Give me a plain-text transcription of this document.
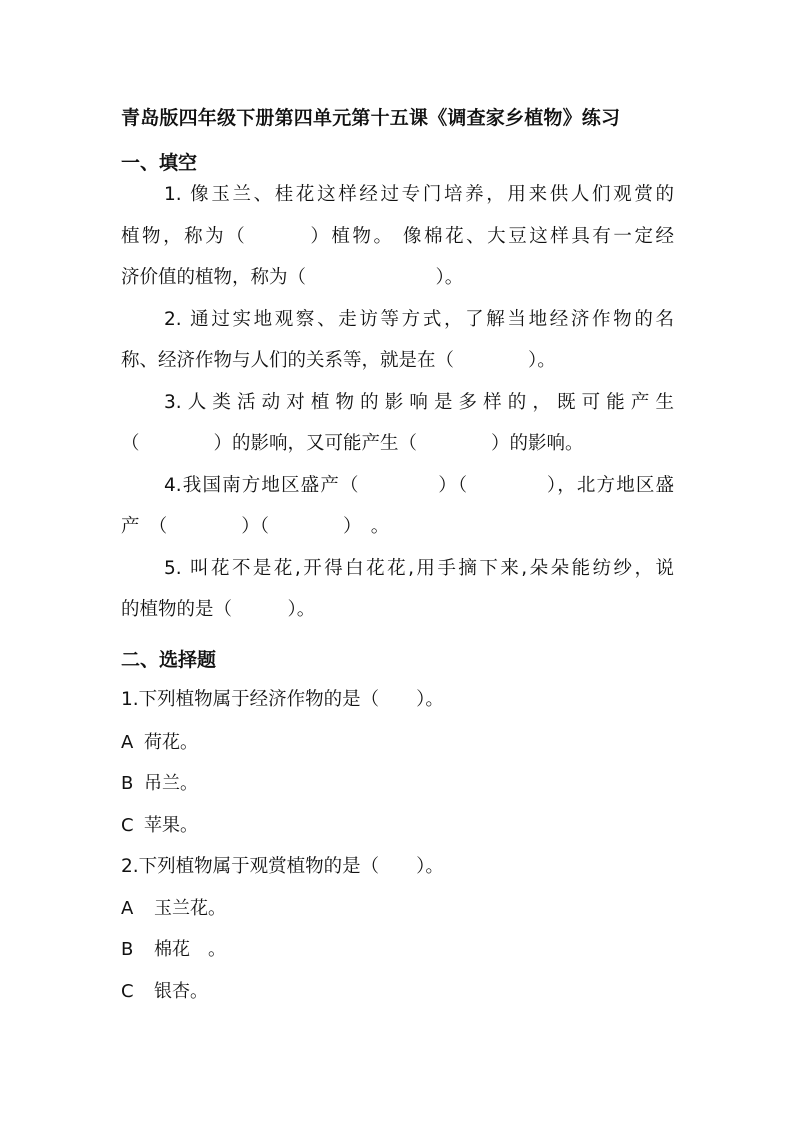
青岛版四年级下册第四单元第十五课《调查家乡植物》练习
一、填空
1. 像玉兰、桂花这样经过专门培养，用来供人们观赏的
植物，称为（　　　）植物。 像棉花、大豆这样具有一定经
济价值的植物，称为（　　　　　　　）。
2. 通过实地观察、走访等方式，了解当地经济作物的名
称、经济作物与人们的关系等，就是在（　　　　）。
3.人类活动对植物的影响是多样的，既可能产生
（　　　　）的影响，又可能产生（　　　　）的影响。
4.我国南方地区盛产（　　　　）（　　　　），北方地区盛
产　（　　　　）（　　　　）　。
5. 叫花不是花,开得白花花,用手摘下来,朵朵能纺纱，说
的植物的是（　　　）。
二、选择题
1.下列植物属于经济作物的是（　　）。
A 荷花。
B 吊兰。
C 苹果。
2.下列植物属于观赏植物的是（　　）。
A 玉兰花。
B 棉花　。
C 银杏。
